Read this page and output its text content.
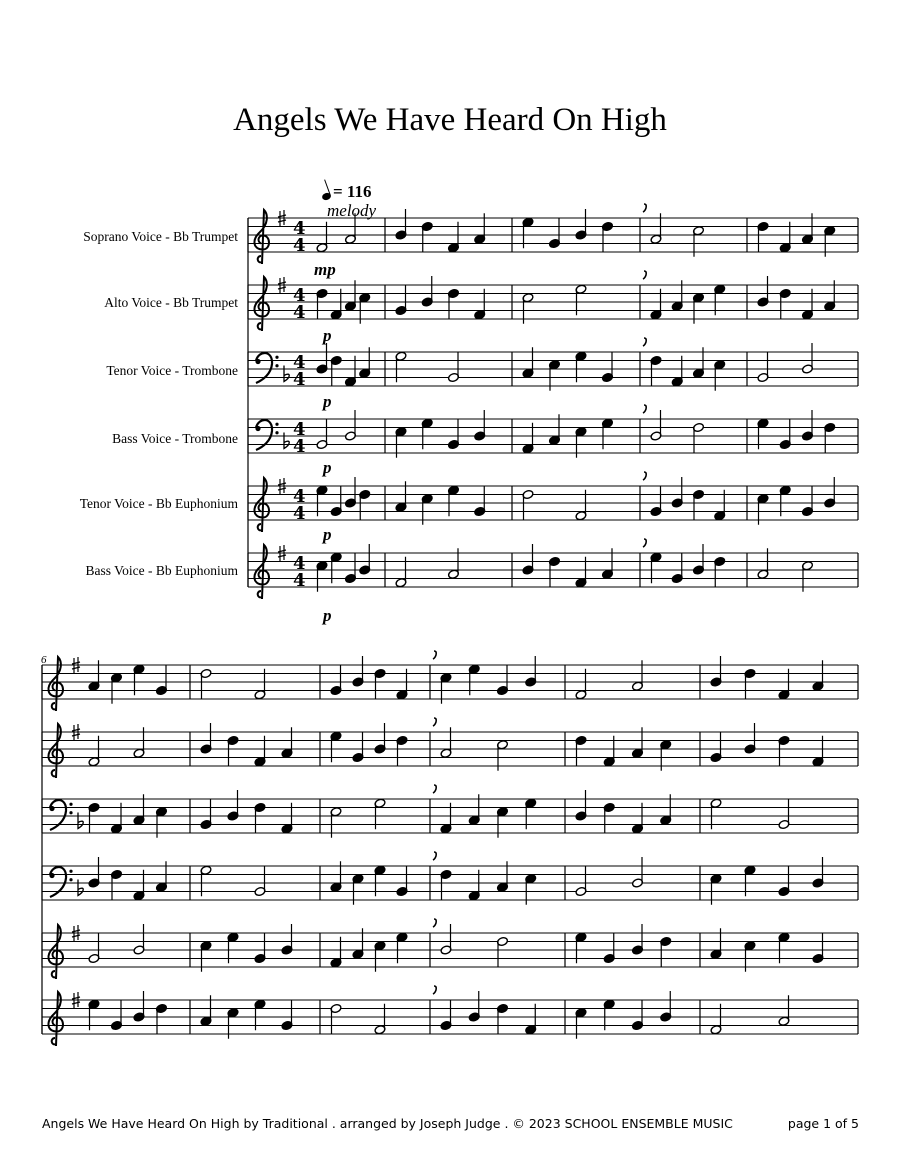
4
4
4
4
4
4
4
4
4
4
4
4
Angels We Have Heard On High
= 116
melody
Soprano Voice - Bb Trumpet
Alto Voice - Bb Trumpet
Tenor Voice - Trombone
Bass Voice - Trombone
Tenor Voice - Bb Euphonium
Bass Voice - Bb Euphonium
mp
p
p
p
p
p
6
Angels We Have Heard On High by Traditional . arranged by Joseph Judge . © 2023 SCHOOL ENSEMBLE MUSIC	page 1 of 5
